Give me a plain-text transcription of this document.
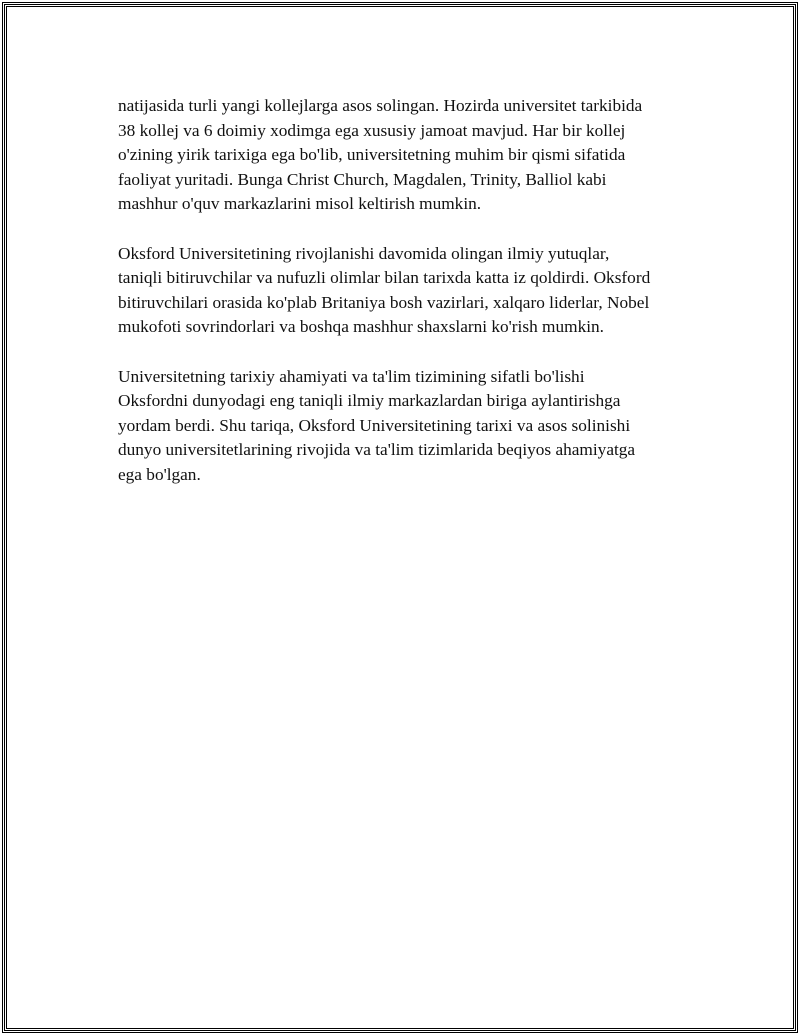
natijasida turli yangi kollejlarga asos solingan. Hozirda universitet tarkibida
38 kollej va 6 doimiy xodimga ega xususiy jamoat mavjud. Har bir kollej
o'zining yirik tarixiga ega bo'lib, universitetning muhim bir qismi sifatida
faoliyat yuritadi. Bunga Christ Church, Magdalen, Trinity, Balliol kabi
mashhur o'quv markazlarini misol keltirish mumkin.

Oksford Universitetining rivojlanishi davomida olingan ilmiy yutuqlar,
taniqli bitiruvchilar va nufuzli olimlar bilan tarixda katta iz qoldirdi. Oksford
bitiruvchilari orasida ko'plab Britaniya bosh vazirlari, xalqaro liderlar, Nobel
mukofoti sovrindorlari va boshqa mashhur shaxslarni ko'rish mumkin.

Universitetning tarixiy ahamiyati va ta'lim tizimining sifatli bo'lishi
Oksfordni dunyodagi eng taniqli ilmiy markazlardan biriga aylantirishga
yordam berdi. Shu tariqa, Oksford Universitetining tarixi va asos solinishi
dunyo universitetlarining rivojida va ta'lim tizimlarida beqiyos ahamiyatga
ega bo'lgan.
